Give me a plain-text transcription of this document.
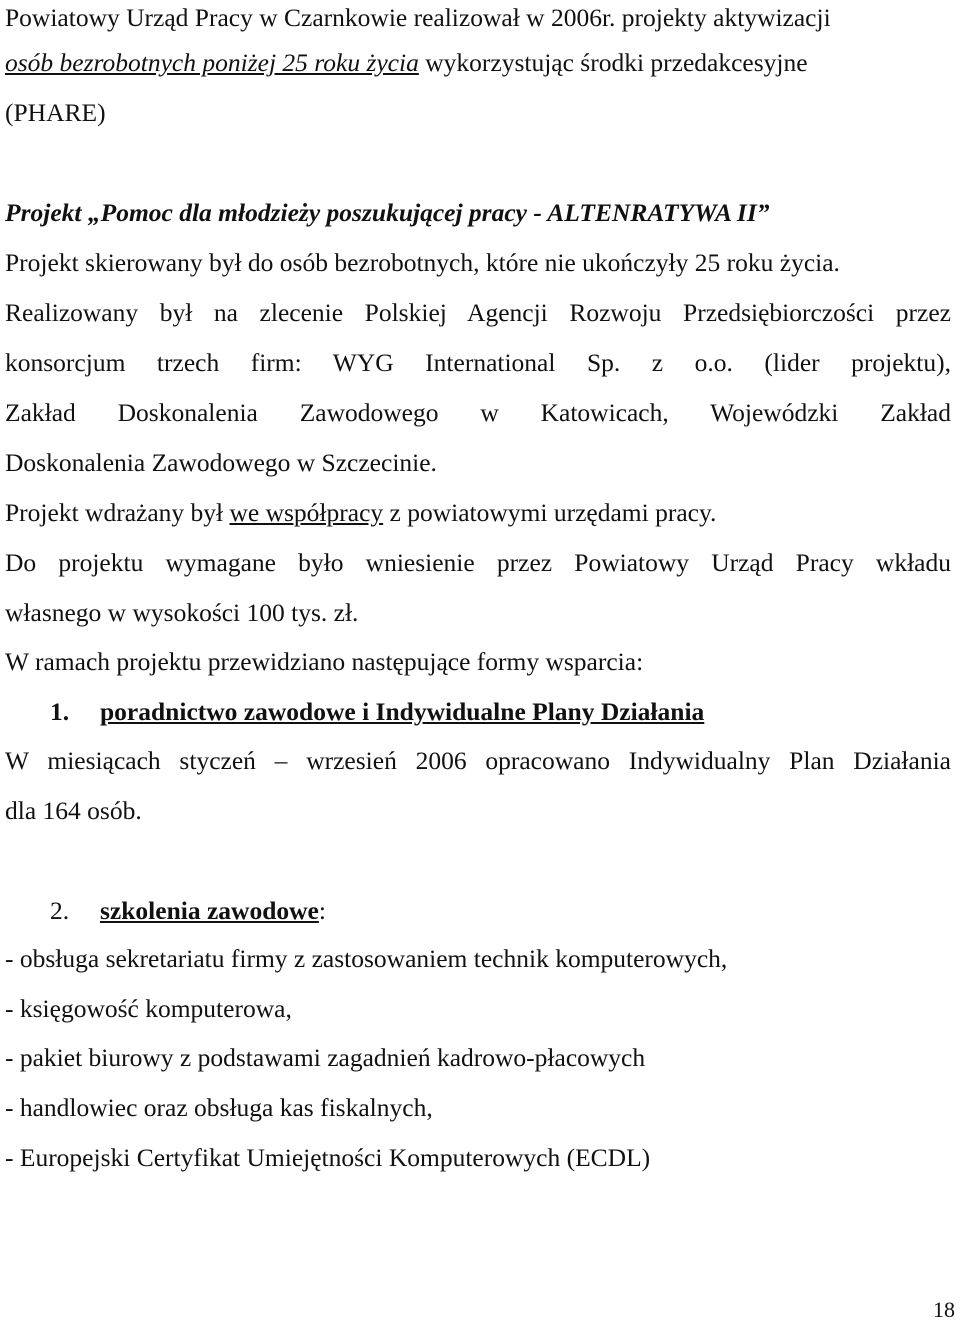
Powiatowy Urząd Pracy w Czarnkowie realizował w 2006r. projekty aktywizacji
osób bezrobotnych poniżej 25 roku życia wykorzystując środki przedakcesyjne
(PHARE)
Projekt „Pomoc dla młodzieży poszukującej pracy - ALTENRATYWA II”
Projekt skierowany był do osób bezrobotnych, które nie ukończyły 25 roku życia.
Realizowany był na zlecenie Polskiej Agencji Rozwoju Przedsiębiorczości przez
konsorcjum trzech firm: WYG International Sp. z o.o. (lider projektu),
Zakład Doskonalenia Zawodowego w Katowicach, Wojewódzki Zakład
Doskonalenia Zawodowego w Szczecinie.
Projekt wdrażany był we współpracy z powiatowymi urzędami pracy.
Do projektu wymagane było wniesienie przez Powiatowy Urząd Pracy wkładu
własnego w wysokości 100 tys. zł.
W ramach projektu przewidziano następujące formy wsparcia:
1. poradnictwo zawodowe i Indywidualne Plany Działania
W miesiącach styczeń – wrzesień 2006 opracowano Indywidualny Plan Działania
dla 164 osób.
2. szkolenia zawodowe:
- obsługa sekretariatu firmy z zastosowaniem technik komputerowych,
- księgowość komputerowa,
- pakiet biurowy z podstawami zagadnień kadrowo-płacowych
- handlowiec oraz obsługa kas fiskalnych,
- Europejski Certyfikat Umiejętności Komputerowych (ECDL)
18
